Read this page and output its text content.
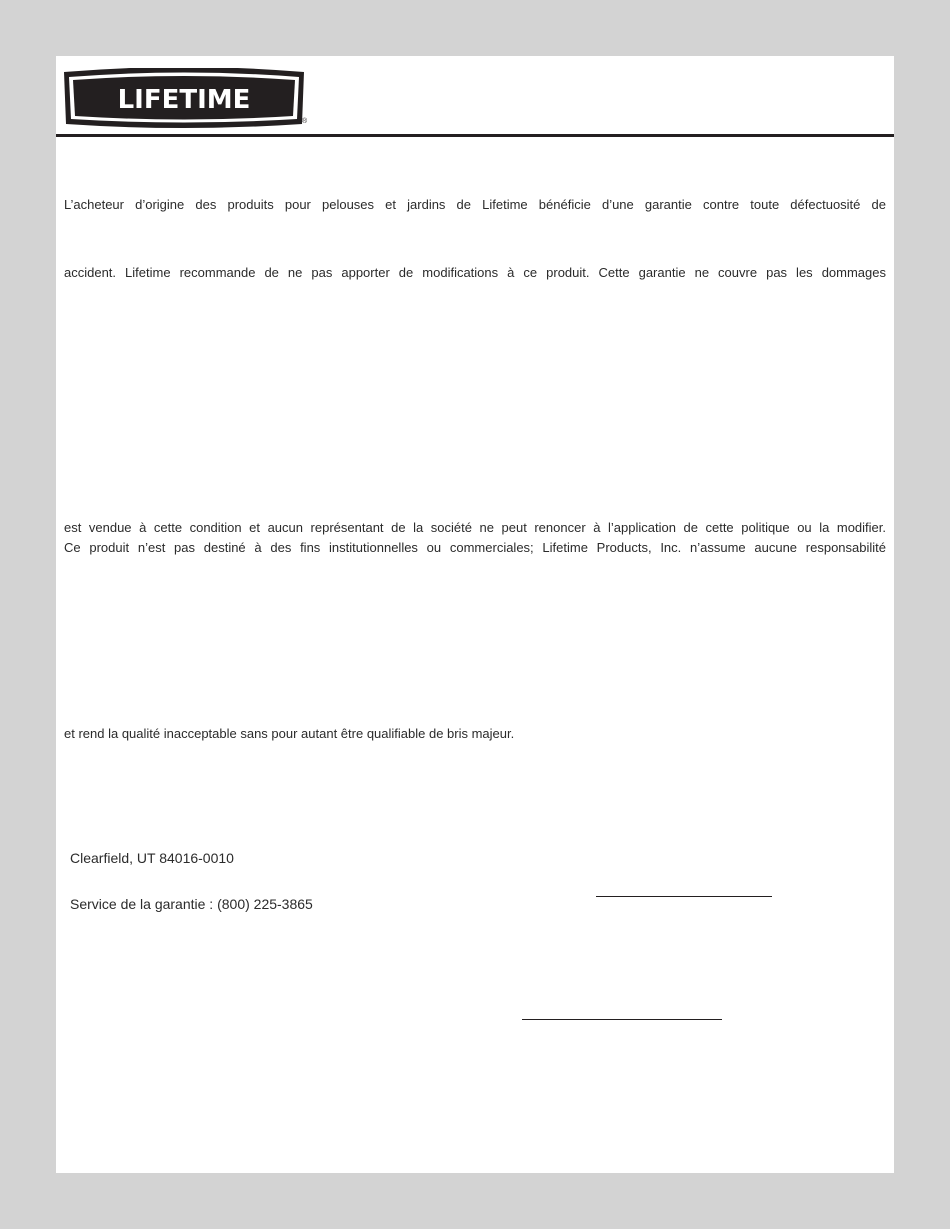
LIFETIME
®

L’acheteur d’origine des produits pour pelouses et jardins de Lifetime bénéficie d’une garantie contre toute défectuosité de

accident. Lifetime recommande de ne pas apporter de modifications à ce produit. Cette garantie ne couvre pas les dommages

est vendue à cette condition et aucun représentant de la société ne peut renoncer à l’application de cette politique ou la modifier.

Ce produit n’est pas destiné à des fins institutionnelles ou commerciales; Lifetime Products, Inc. n’assume aucune responsabilité

et rend la qualité inacceptable sans pour autant être qualifiable de bris majeur.

Clearfield, UT 84016-0010

Service de la garantie : (800) 225-3865
